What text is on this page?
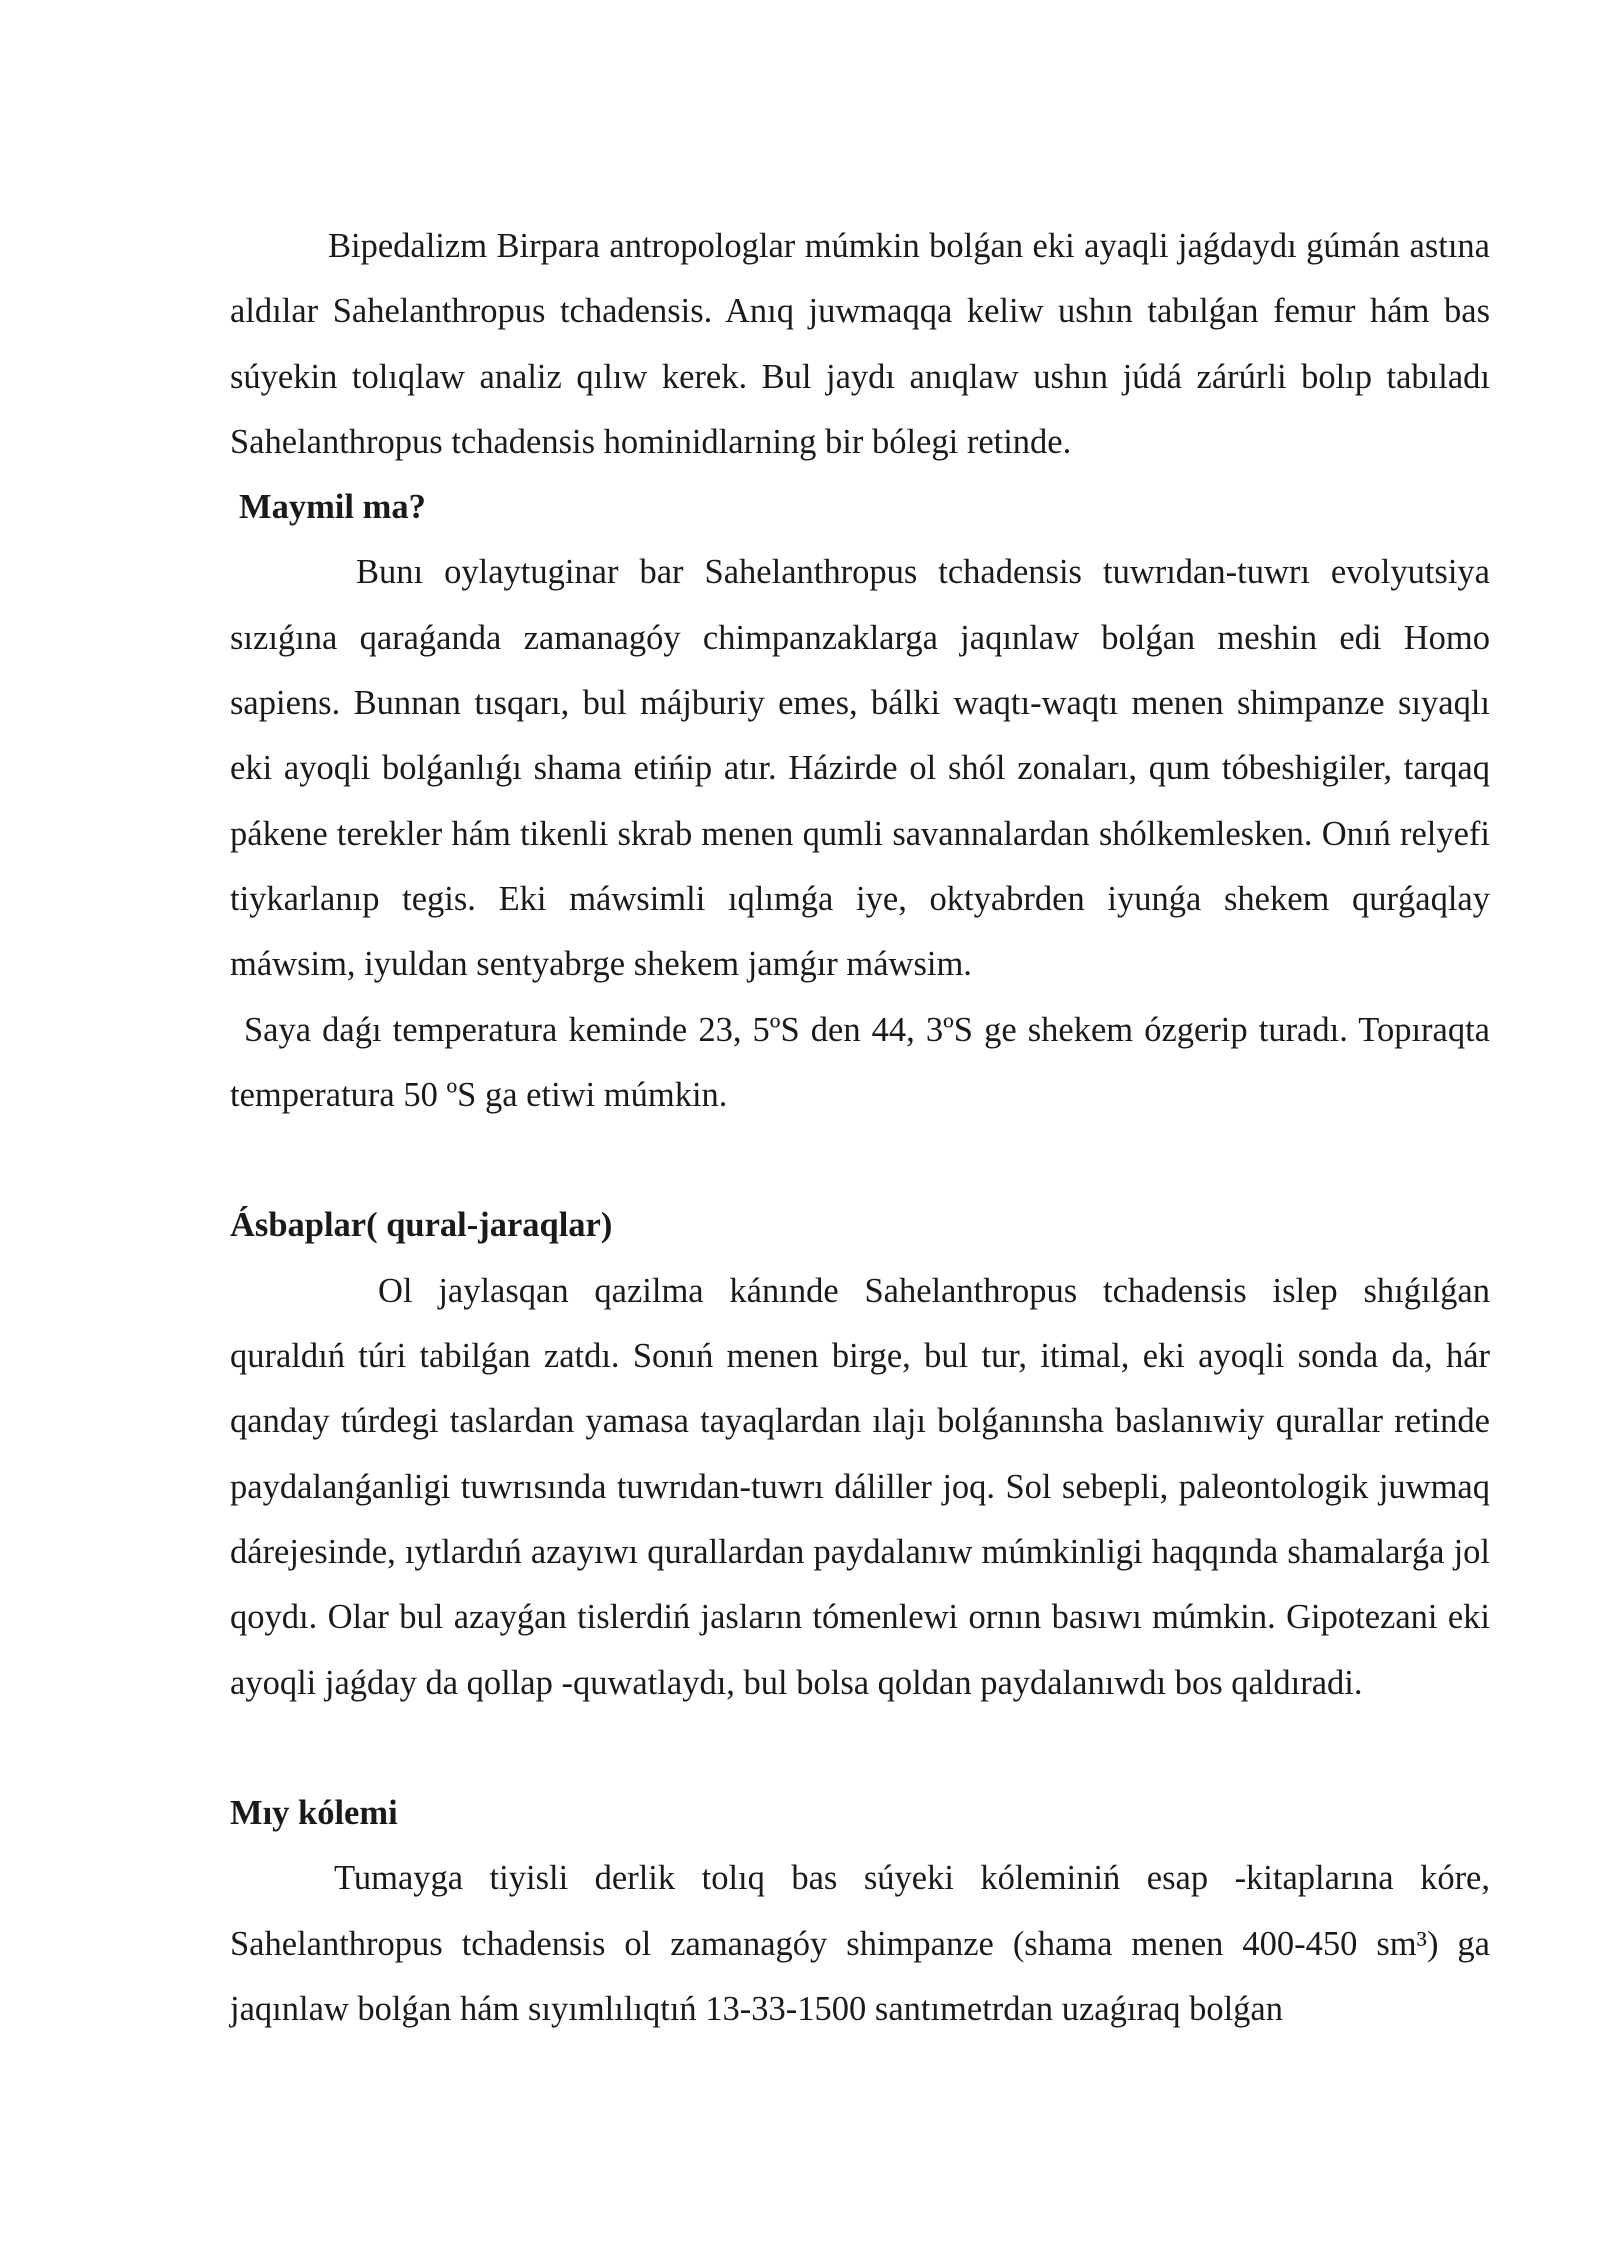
Bipedalizm Birpara antropologlar múmkin bolǵan eki ayaqli jaǵdaydı gúmán astına aldılar Sahelanthropus tchadensis. Anıq juwmaqqa keliw ushın tabılǵan femur hám bas súyekin tolıqlaw analiz qılıw kerek. Bul jaydı anıqlaw ushın júdá zárúrli bolıp tabıladı Sahelanthropus tchadensis hominidlarning bir bólegi retinde.

Maymil ma?

Bunı oylaytuginar bar Sahelanthropus tchadensis tuwrıdan-tuwrı evolyutsiya sızıǵına qaraǵanda zamanagóy chimpanzaklarga jaqınlaw bolǵan meshin edi Homo sapiens. Bunnan tısqarı, bul májburiy emes, bálki waqtı-waqtı menen shimpanze sıyaqlı eki ayoqli bolǵanlıǵı shama etińip atır. Házirde ol shól zonaları, qum tóbeshigiler, tarqaq pákene terekler hám tikenli skrab menen qumli savannalardan shólkemlesken. Onıń relyefi tiykarlanıp tegis. Eki máwsimli ıqlımǵa iye, oktyabrden iyunǵa shekem qurǵaqlay máwsim, iyuldan sentyabrge shekem jamǵır máwsim.

Saya daǵı temperatura keminde 23, 5ºS den 44, 3ºS ge shekem ózgerip turadı. Topıraqta temperatura 50 ºS ga etiwi múmkin.

Ásbaplar( qural-jaraqlar)

Ol jaylasqan qazilma kánınde Sahelanthropus tchadensis islep shıǵılǵan quraldıń túri tabilǵan zatdı. Sonıń menen birge, bul tur, itimal, eki ayoqli sonda da, hár qanday túrdegi taslardan yamasa tayaqlardan ılajı bolǵanınsha baslanıwiy qurallar retinde paydalanǵanligi tuwrısında tuwrıdan-tuwrı dáliller joq. Sol sebepli, paleontologik juwmaq dárejesinde, ıytlardıń azayıwı qurallardan paydalanıw múmkinligi haqqında shamalarǵa jol qoydı. Olar bul azayǵan tislerdiń jasların tómenlewi ornın basıwı múmkin. Gipotezani eki ayoqli jaǵday da qollap -quwatlaydı, bul bolsa qoldan paydalanıwdı bos qaldıradi.

Mıy kólemi

Tumayga tiyisli derlik tolıq bas súyeki kóleminiń esap -kitaplarına kóre, Sahelanthropus tchadensis ol zamanagóy shimpanze (shama menen 400-450 sm³) ga jaqınlaw bolǵan hám sıyımlılıqtıń 13-33-1500 santımetrdan uzaǵıraq bolǵan
